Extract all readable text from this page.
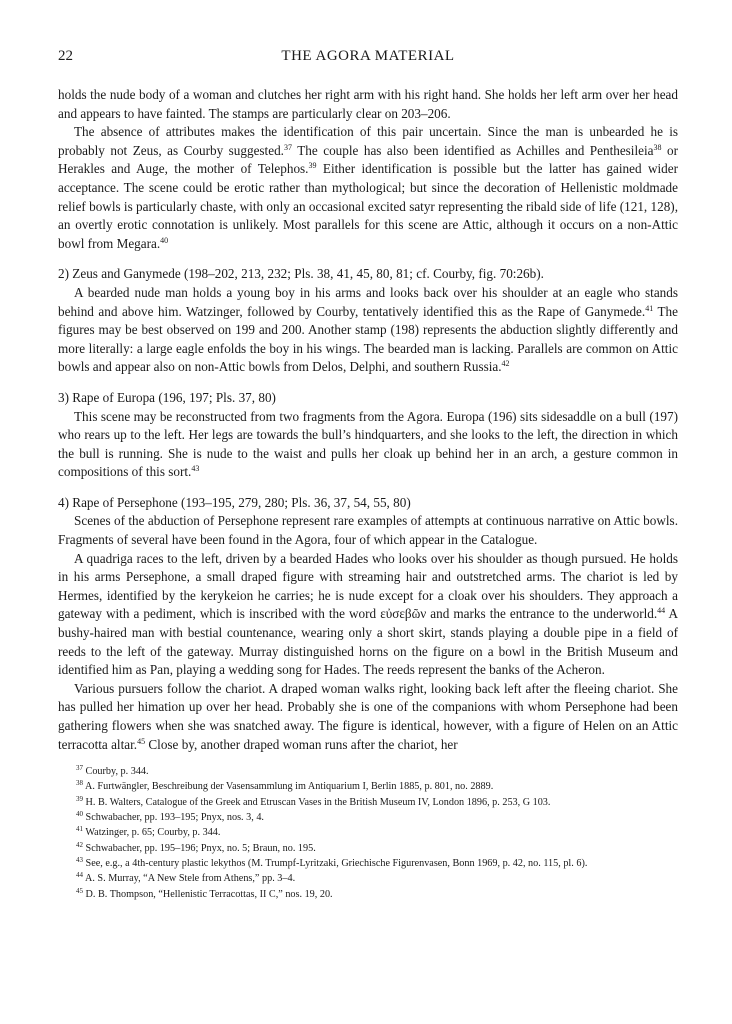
22	THE AGORA MATERIAL

holds the nude body of a woman and clutches her right arm with his right hand. She holds her left arm over her head and appears to have fainted. The stamps are particularly clear on 203–206.

The absence of attributes makes the identification of this pair uncertain. Since the man is unbearded he is probably not Zeus, as Courby suggested.$^{37}$ The couple has also been identified as Achilles and Penthesileia$^{38}$ or Herakles and Auge, the mother of Telephos.$^{39}$ Either identification is possible but the latter has gained wider acceptance. The scene could be erotic rather than mythological; but since the decoration of Hellenistic moldmade relief bowls is particularly chaste, with only an occasional excited satyr representing the ribald side of life (121, 128), an overtly erotic connotation is unlikely. Most parallels for this scene are Attic, although it occurs on a non-Attic bowl from Megara.$^{40}$

2) Zeus and Ganymede (198–202, 213, 232; Pls. 38, 41, 45, 80, 81; cf. Courby, fig. 70:26b).

A bearded nude man holds a young boy in his arms and looks back over his shoulder at an eagle who stands behind and above him. Watzinger, followed by Courby, tentatively identified this as the Rape of Ganymede.$^{41}$ The figures may be best observed on 199 and 200. Another stamp (198) represents the abduction slightly differently and more literally: a large eagle enfolds the boy in his wings. The bearded man is lacking. Parallels are common on Attic bowls and appear also on non-Attic bowls from Delos, Delphi, and southern Russia.$^{42}$

3) Rape of Europa (196, 197; Pls. 37, 80)

This scene may be reconstructed from two fragments from the Agora. Europa (196) sits sidesaddle on a bull (197) who rears up to the left. Her legs are towards the bull’s hindquarters, and she looks to the left, the direction in which the bull is running. She is nude to the waist and pulls her cloak up behind her in an arch, a gesture common in compositions of this sort.$^{43}$

4) Rape of Persephone (193–195, 279, 280; Pls. 36, 37, 54, 55, 80)

Scenes of the abduction of Persephone represent rare examples of attempts at continuous narrative on Attic bowls. Fragments of several have been found in the Agora, four of which appear in the Catalogue.

A quadriga races to the left, driven by a bearded Hades who looks over his shoulder as though pursued. He holds in his arms Persephone, a small draped figure with streaming hair and outstretched arms. The chariot is led by Hermes, identified by the kerykeion he carries; he is nude except for a cloak over his shoulders. They approach a gateway with a pediment, which is inscribed with the word εὐσεβῶν and marks the entrance to the underworld.$^{44}$ A bushy-haired man with bestial countenance, wearing only a short skirt, stands playing a double pipe in a field of reeds to the left of the gateway. Murray distinguished horns on the figure on a bowl in the British Museum and identified him as Pan, playing a wedding song for Hades. The reeds represent the banks of the Acheron.

Various pursuers follow the chariot. A draped woman walks right, looking back left after the fleeing chariot. She has pulled her himation up over her head. Probably she is one of the companions with whom Persephone had been gathering flowers when she was snatched away. The figure is identical, however, with a figure of Helen on an Attic terracotta altar.$^{45}$ Close by, another draped woman runs after the chariot, her

$^{37}$ Courby, p. 344.
$^{38}$ A. Furtwängler, Beschreibung der Vasensammlung im Antiquarium I, Berlin 1885, p. 801, no. 2889.
$^{39}$ H. B. Walters, Catalogue of the Greek and Etruscan Vases in the British Museum IV, London 1896, p. 253, G 103.
$^{40}$ Schwabacher, pp. 193–195; Pnyx, nos. 3, 4.
$^{41}$ Watzinger, p. 65; Courby, p. 344.
$^{42}$ Schwabacher, pp. 195–196; Pnyx, no. 5; Braun, no. 195.
$^{43}$ See, e.g., a 4th-century plastic lekythos (M. Trumpf-Lyritzaki, Griechische Figurenvasen, Bonn 1969, p. 42, no. 115, pl. 6).
$^{44}$ A. S. Murray, “A New Stele from Athens,” pp. 3–4.
$^{45}$ D. B. Thompson, “Hellenistic Terracottas, II C,” nos. 19, 20.
